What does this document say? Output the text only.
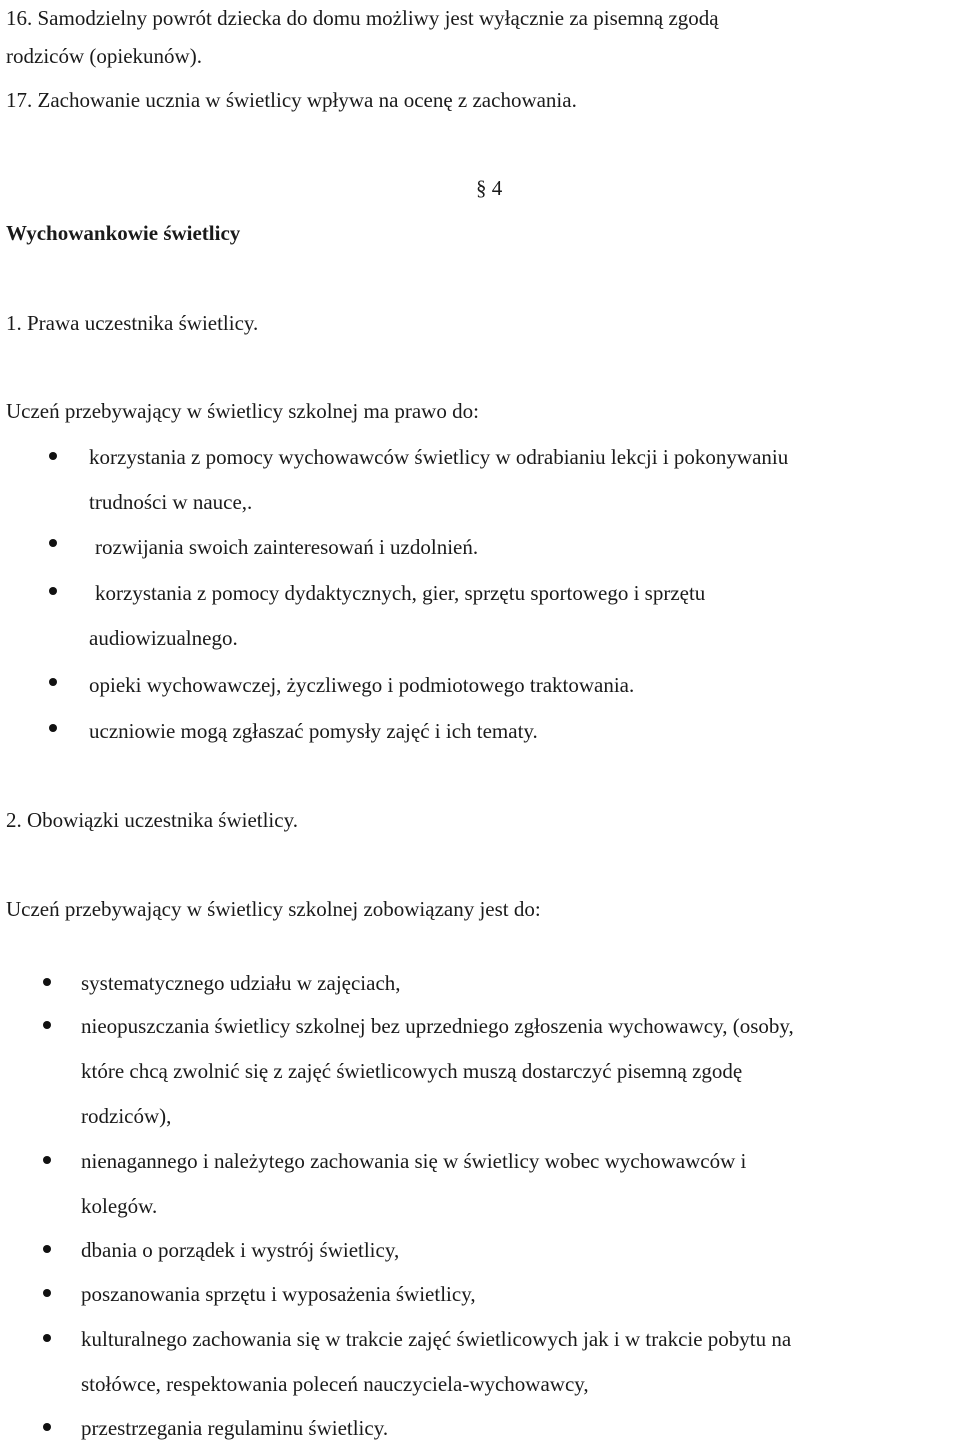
16. Samodzielny powrót dziecka do domu możliwy jest wyłącznie za pisemną zgodą
rodziców (opiekunów).
17. Zachowanie ucznia w świetlicy wpływa na ocenę z zachowania.
§ 4
Wychowankowie świetlicy
1. Prawa uczestnika świetlicy.
Uczeń przebywający w świetlicy szkolnej ma prawo do:
korzystania z pomocy wychowawców świetlicy w odrabianiu lekcji i pokonywaniu
trudności w nauce,.
rozwijania swoich zainteresowań i uzdolnień.
korzystania z pomocy dydaktycznych, gier, sprzętu sportowego i sprzętu
audiowizualnego.
opieki wychowawczej, życzliwego i podmiotowego traktowania.
uczniowie mogą zgłaszać pomysły zajęć i ich tematy.
2. Obowiązki uczestnika świetlicy.
Uczeń przebywający w świetlicy szkolnej zobowiązany jest do:
systematycznego udziału w zajęciach,
nieopuszczania świetlicy szkolnej bez uprzedniego zgłoszenia wychowawcy, (osoby,
które chcą zwolnić się z zajęć świetlicowych muszą dostarczyć pisemną zgodę
rodziców),
nienagannego i należytego zachowania się w świetlicy wobec wychowawców i
kolegów.
dbania o porządek i wystrój świetlicy,
poszanowania sprzętu i wyposażenia świetlicy,
kulturalnego zachowania się w trakcie zajęć świetlicowych jak i w trakcie pobytu na
stołówce, respektowania poleceń nauczyciela-wychowawcy,
przestrzegania regulaminu świetlicy.
